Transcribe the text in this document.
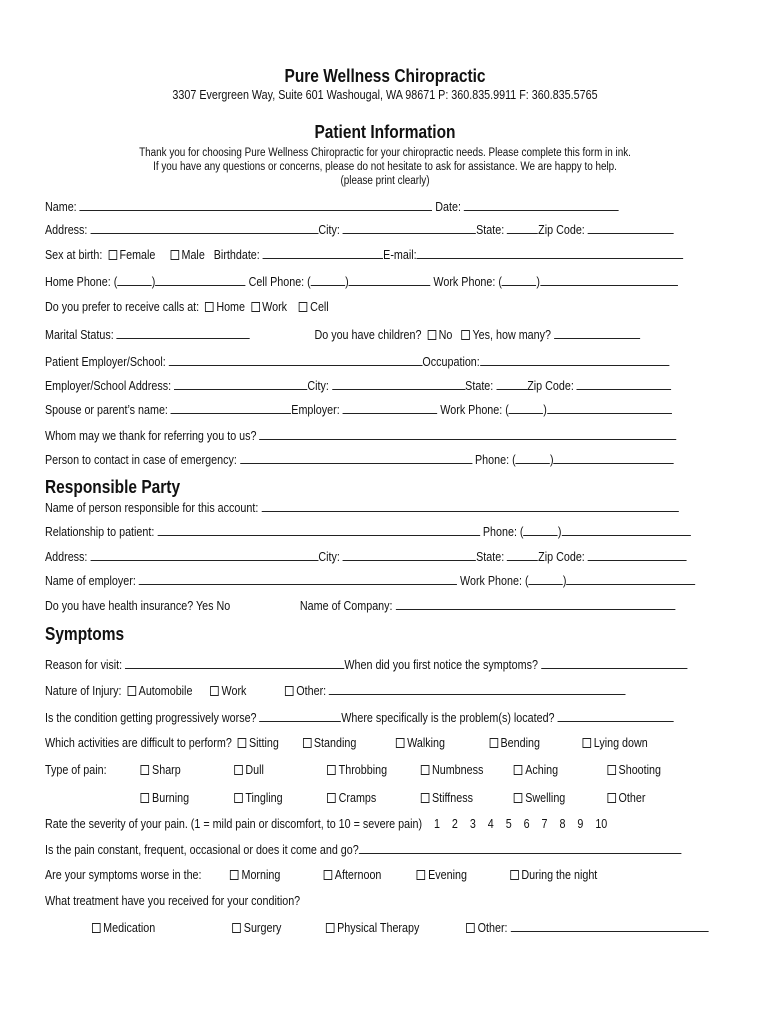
Pure Wellness Chiropractic
3307 Evergreen Way, Suite 601 Washougal, WA 98671 P: 360.835.9911 F: 360.835.5765
Patient Information
Thank you for choosing Pure Wellness Chiropractic for your chiropractic needs. Please complete this form in ink.
If you have any questions or concerns, please do not hesitate to ask for assistance. We are happy to help.
(please print clearly)
Name:	Date:
Address:	City:	State:	Zip Code:
Sex at birth: Female Male Birthdate:	E-mail:
Home Phone: (	)	Cell Phone: (	)	Work Phone: (	)
Do you prefer to receive calls at: Home Work Cell
Marital Status:	Do you have children? No Yes, how many?
Patient Employer/School:	Occupation:
Employer/School Address:	City:	State:	Zip Code:
Spouse or parent’s name:	Employer:	Work Phone: (	)
Whom may we thank for referring you to us?
Person to contact in case of emergency:	Phone: (	)
Responsible Party
Name of person responsible for this account:
Relationship to patient:	Phone: (	)
Address:	City:	State:	Zip Code:
Name of employer:	Work Phone: (	)
Do you have health insurance? Yes No	Name of Company:
Symptoms
Reason for visit:	When did you first notice the symptoms?
Nature of Injury: Automobile Work	Other:
Is the condition getting progressively worse?	Where specifically is the problem(s) located?
Which activities are difficult to perform? Sitting	Standing	Walking	Bending	Lying down
Type of pain:	Sharp	Dull	Throbbing	Numbness	Aching	Shooting
Burning	Tingling	Cramps	Stiffness	Swelling	Other
Rate the severity of your pain. (1 = mild pain or discomfort, to 10 = severe pain) 1    2    3    4    5    6    7    8    9    10
Is the pain constant, frequent, occasional or does it come and go?
Are your symptoms worse in the:	Morning	Afternoon	Evening	During the night
What treatment have you received for your condition?
Medication	Surgery	Physical Therapy	Other:
